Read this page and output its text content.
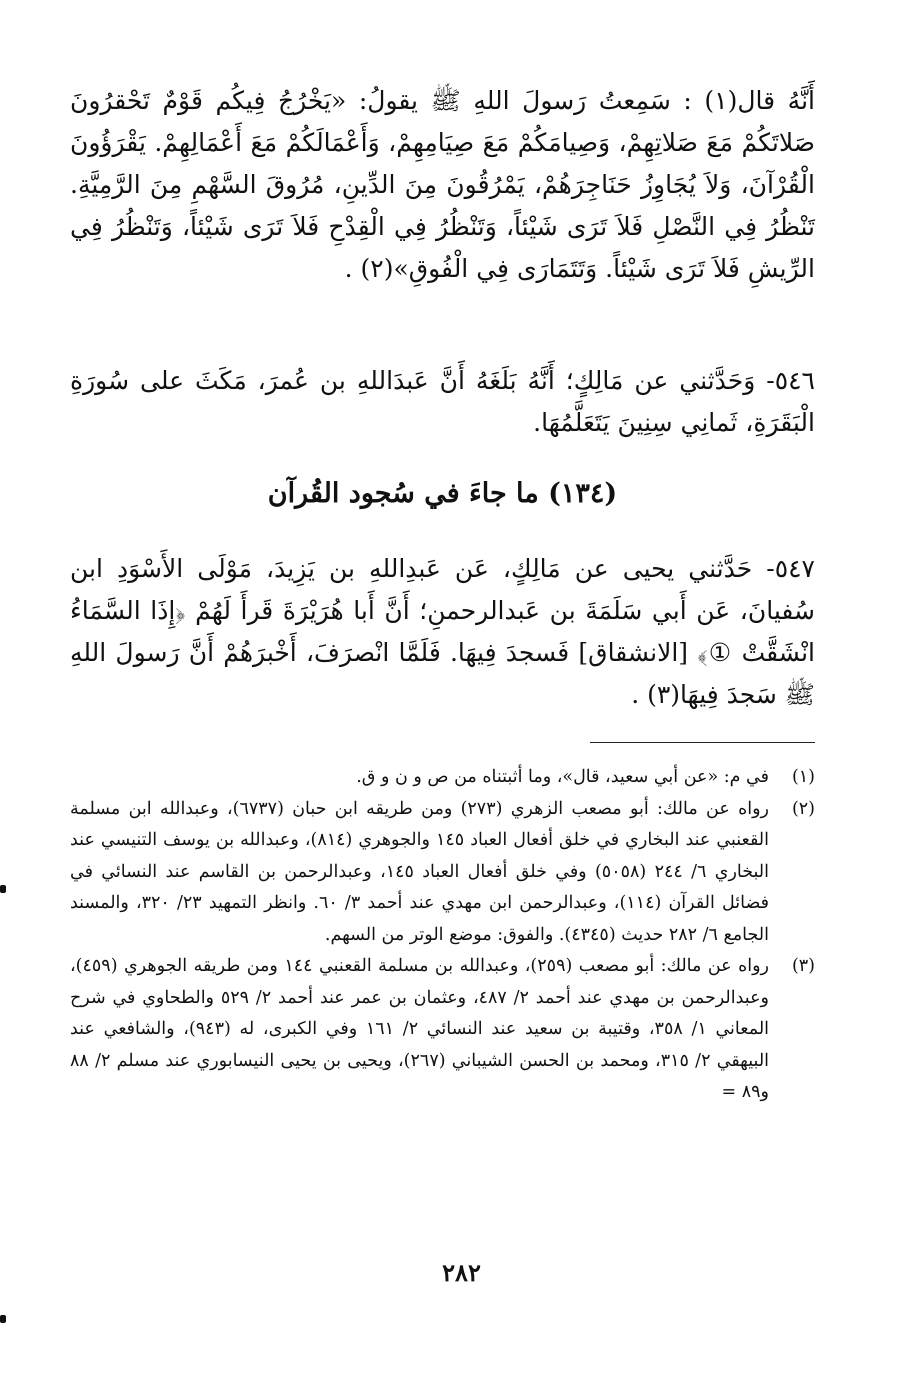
أَنَّهُ قال(١) : سَمِعتُ رَسولَ اللهِ ﷺ يقولُ: «يَخْرُجُ فِيكُم قَوْمٌ تَحْقرُونَ صَلاتَكُمْ مَعَ صَلاتِهِمْ، وَصِيامَكُمْ مَعَ صِيَامِهِمْ، وَأَعْمَالَكُمْ مَعَ أَعْمَالِهِمْ. يَقْرَؤُونَ الْقُرْآنَ، وَلاَ يُجَاوِزُ حَنَاجِرَهُمْ، يَمْرُقُونَ مِنَ الدِّينِ، مُرُوقَ السَّهْمِ مِنَ الرَّمِيَّةِ. تَنْظُرُ فِي النَّصْلِ فَلاَ تَرَى شَيْئاً، وَتَنْظُرُ فِي الْقِدْحِ فَلاَ تَرَى شَيْئاً، وَتَنْظُرُ فِي الرِّيشِ فَلاَ تَرَى شَيْئاً. وَتَتَمَارَى فِي الْفُوقِ»(٢) .

٥٤٦- وَحَدَّثني عن مَالِكٍ؛ أَنَّهُ بَلَغَهُ أَنَّ عَبدَاللهِ بن عُمرَ، مَكَثَ على سُورَةِ الْبَقَرَةِ، ثَمانِي سِنِينَ يَتَعَلَّمُهَا.

(١٣٤) ما جاءَ في سُجود القُرآن

٥٤٧- حَدَّثني يحيى عن مَالِكٍ، عَن عَبدِاللهِ بن يَزِيدَ، مَوْلَى الأَسْوَدِ ابن سُفيانَ، عَن أَبي سَلَمَةَ بن عَبدالرحمنِ؛ أَنَّ أَبا هُرَيْرَةَ قَرأَ لَهُمْ ﴿إِذَا السَّمَاءُ انْشَقَّتْ ①﴾ [الانشقاق] فَسجدَ فِيهَا. فَلَمَّا انْصرَفَ، أَخْبرَهُمْ أَنَّ رَسولَ اللهِ ﷺ سَجدَ فِيهَا(٣) .

(١)
في م: «عن أبي سعيد، قال»، وما أثبتناه من ص و ن و ق.
(٢)
رواه عن مالك: أبو مصعب الزهري (٢٧٣) ومن طريقه ابن حبان (٦٧٣٧)، وعبدالله ابن مسلمة القعنبي عند البخاري في خلق أفعال العباد ١٤٥ والجوهري (٨١٤)، وعبدالله بن يوسف التنيسي عند البخاري ٦/ ٢٤٤ (٥٠٥٨) وفي خلق أفعال العباد ١٤٥، وعبدالرحمن بن القاسم عند النسائي في فضائل القرآن (١١٤)، وعبدالرحمن ابن مهدي عند أحمد ٣/ ٦٠. وانظر التمهيد ٢٣/ ٣٢٠، والمسند الجامع ٦/ ٢٨٢ حديث (٤٣٤٥). والفوق: موضع الوتر من السهم.
(٣)
رواه عن مالك: أبو مصعب (٢٥٩)، وعبدالله بن مسلمة القعنبي ١٤٤ ومن طريقه الجوهري (٤٥٩)، وعبدالرحمن بن مهدي عند أحمد ٢/ ٤٨٧، وعثمان بن عمر عند أحمد ٢/ ٥٢٩ والطحاوي في شرح المعاني ١/ ٣٥٨، وقتيبة بن سعيد عند النسائي ٢/ ١٦١ وفي الكبرى، له (٩٤٣)، والشافعي عند البيهقي ٢/ ٣١٥، ومحمد بن الحسن الشيباني (٢٦٧)، ويحيى بن يحيى النيسابوري عند مسلم ٢/ ٨٨ و٨٩ =
٢٨٢
